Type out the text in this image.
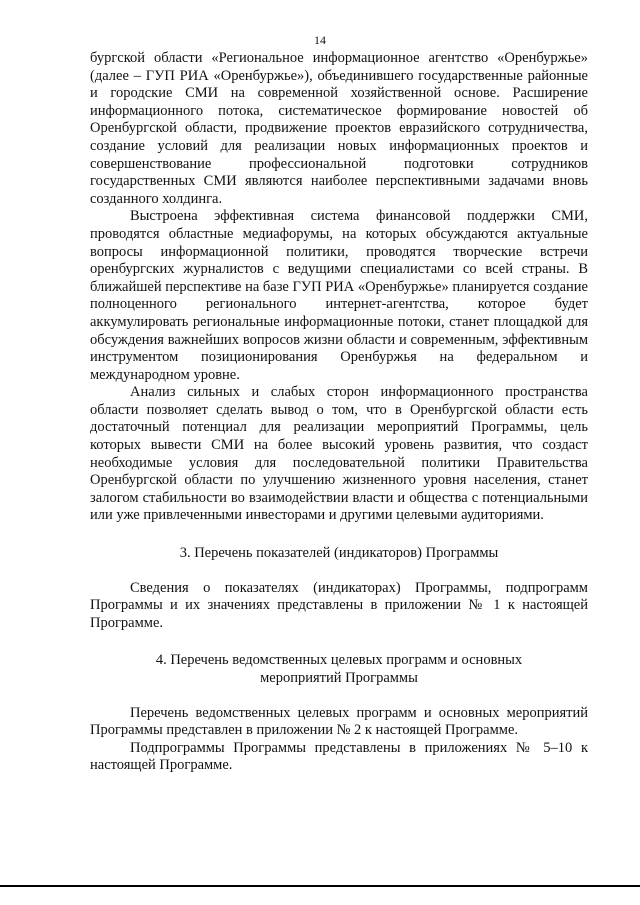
14

бургской области «Региональное информационное агентство «Оренбуржье» (далее – ГУП РИА «Оренбуржье»), объединившего государственные районные и городские СМИ на современной хозяйственной основе. Расширение информационного потока, систематическое формирование новостей об Оренбургской области, продвижение проектов евразийского сотрудничества, создание условий для реализации новых информационных проектов и совершенствование профессиональной подготовки сотрудников государственных СМИ являются наиболее перспективными задачами вновь созданного холдинга.

Выстроена эффективная система финансовой поддержки СМИ, проводятся областные медиафорумы, на которых обсуждаются актуальные вопросы информационной политики, проводятся творческие встречи оренбургских журналистов с ведущими специалистами со всей страны. В ближайшей перспективе на базе ГУП РИА «Оренбуржье» планируется создание полноценного регионального интернет-агентства, которое будет аккумулировать региональные информационные потоки, станет площадкой для обсуждения важнейших вопросов жизни области и современным, эффективным инструментом позиционирования Оренбуржья на федеральном и международном уровне.

Анализ сильных и слабых сторон информационного пространства области позволяет сделать вывод о том, что в Оренбургской области есть достаточный потенциал для реализации мероприятий Программы, цель которых вывести СМИ на более высокий уровень развития, что создаст необходимые условия для последовательной политики Правительства Оренбургской области по улучшению жизненного уровня населения, станет залогом стабильности во взаимодействии власти и общества с потенциальными или уже привлеченными инвесторами и другими целевыми аудиториями.

3. Перечень показателей (индикаторов) Программы

Сведения о показателях (индикаторах) Программы, подпрограмм Программы и их значениях представлены в приложении № 1 к настоящей Программе.

4. Перечень ведомственных целевых программ и основных

мероприятий Программы

Перечень ведомственных целевых программ и основных мероприятий Программы представлен в приложении № 2 к настоящей Программе.

Подпрограммы Программы представлены в приложениях № 5–10 к настоящей Программе.
